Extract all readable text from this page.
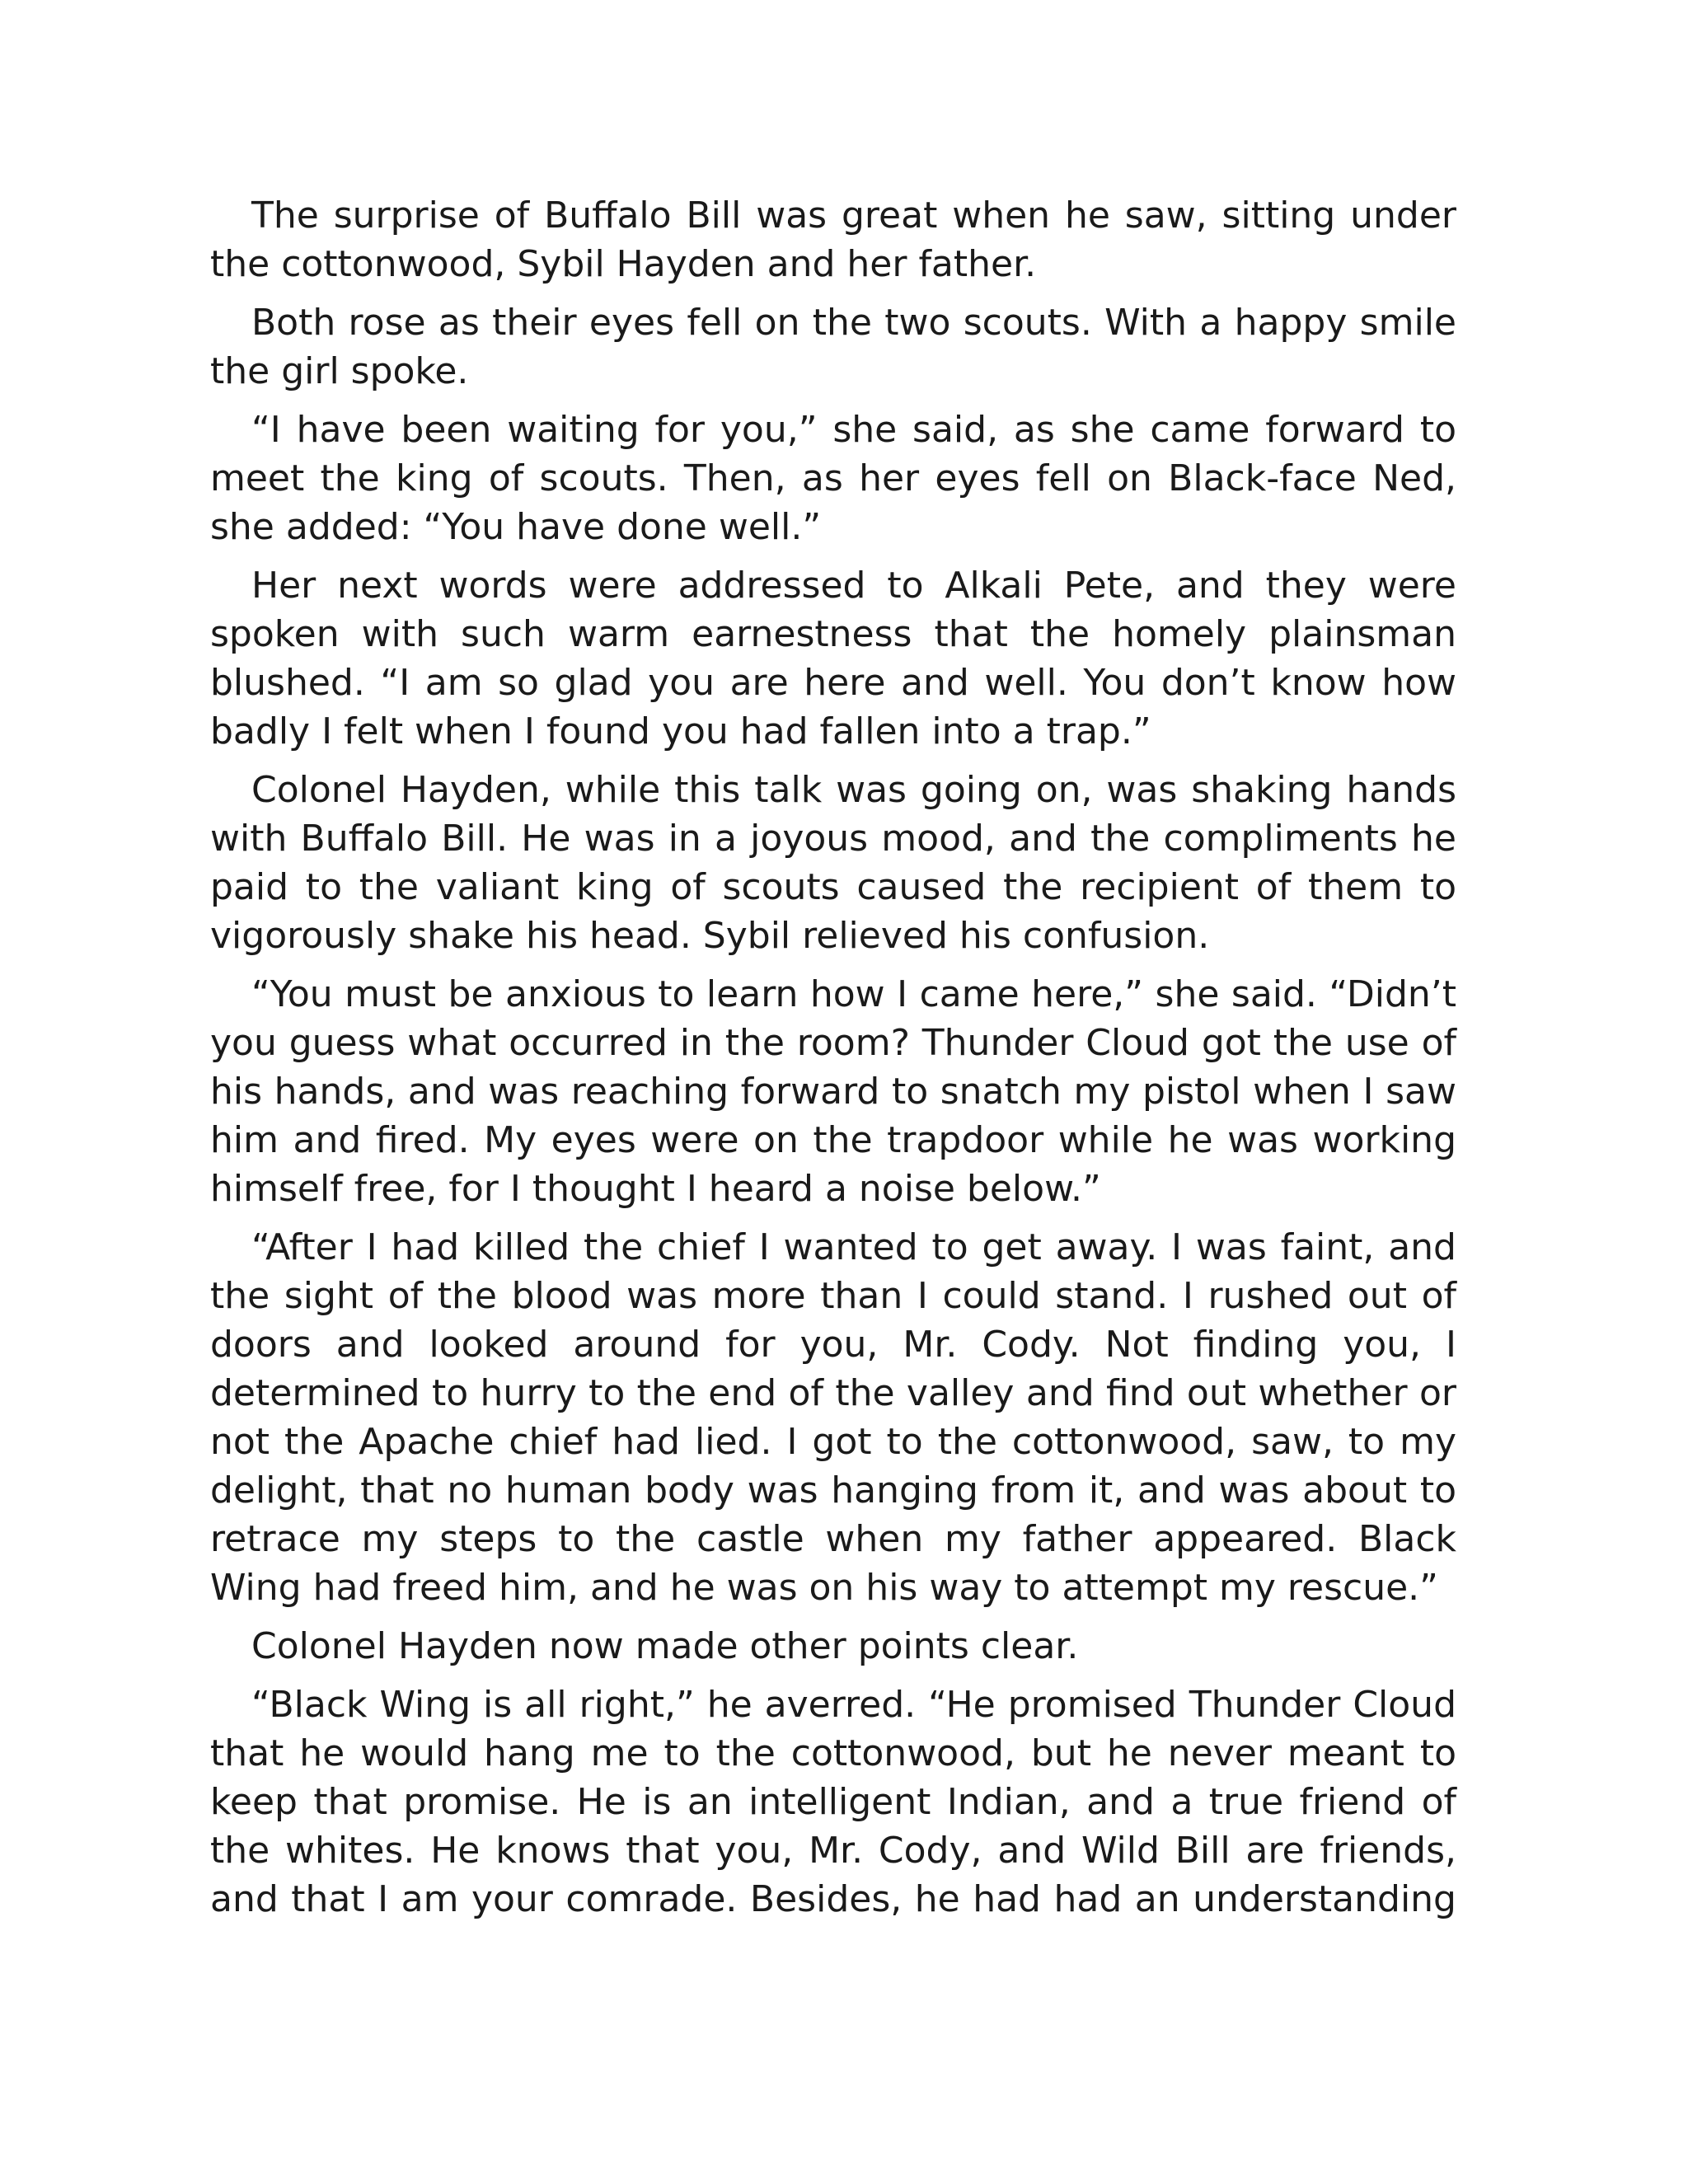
The surprise of Buffalo Bill was great when he saw, sitting under the cottonwood, Sybil Hayden and her father.

Both rose as their eyes fell on the two scouts. With a happy smile the girl spoke.

“I have been waiting for you,” she said, as she came forward to meet the king of scouts. Then, as her eyes fell on Black-face Ned, she added: “You have done well.”

Her next words were addressed to Alkali Pete, and they were spoken with such warm earnestness that the homely plainsman blushed. “I am so glad you are here and well. You don’t know how badly I felt when I found you had fallen into a trap.”

Colonel Hayden, while this talk was going on, was shaking hands with Buffalo Bill. He was in a joyous mood, and the compliments he paid to the valiant king of scouts caused the recipient of them to vigorously shake his head. Sybil relieved his confusion.

“You must be anxious to learn how I came here,” she said. “Didn’t you guess what occurred in the room? Thunder Cloud got the use of his hands, and was reaching forward to snatch my pistol when I saw him and fired. My eyes were on the trapdoor while he was working himself free, for I thought I heard a noise below.”

“After I had killed the chief I wanted to get away. I was faint, and the sight of the blood was more than I could stand. I rushed out of doors and looked around for you, Mr. Cody. Not finding you, I determined to hurry to the end of the valley and find out whether or not the Apache chief had lied. I got to the cottonwood, saw, to my delight, that no human body was hanging from it, and was about to retrace my steps to the castle when my father appeared. Black Wing had freed him, and he was on his way to attempt my rescue.”

Colonel Hayden now made other points clear.

“Black Wing is all right,” he averred. “He promised Thunder Cloud that he would hang me to the cottonwood, but he never meant to keep that promise. He is an intelligent Indian, and a true friend of the whites. He knows that you, Mr. Cody, and Wild Bill are friends, and that I am your comrade. Besides, he had had an understanding
